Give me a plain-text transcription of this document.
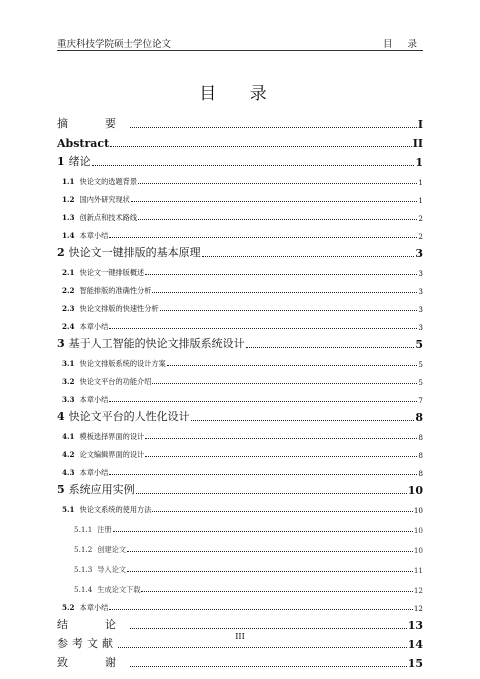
重庆科技学院硕士学位论文	目 录
目 录
摘　要	I
Abstract	II
1 绪论	1
1.1 快论文的选题背景	1
1.2 国内外研究现状	1
1.3 创新点和技术路线	2
1.4 本章小结	2
2 快论文一键排版的基本原理	3
2.1 快论文一键排版概述	3
2.2 智能排版的准确性分析	3
2.3 快论文排版的快速性分析	3
2.4 本章小结	3
3 基于人工智能的快论文排版系统设计	5
3.1 快论文排版系统的设计方案	5
3.2 快论文平台的功能介绍	5
3.3 本章小结	7
4 快论文平台的人性化设计	8
4.1 模板选择界面的设计	8
4.2 论文编辑界面的设计	8
4.3 本章小结	8
5 系统应用实例	10
5.1 快论文系统的使用方法	10
5.1.1 注册	10
5.1.2 创建论文	10
5.1.3 导入论文	11
5.1.4 生成论文下载	12
5.2 本章小结	12
结　论	13
参考文献	14
致　谢	15
III
